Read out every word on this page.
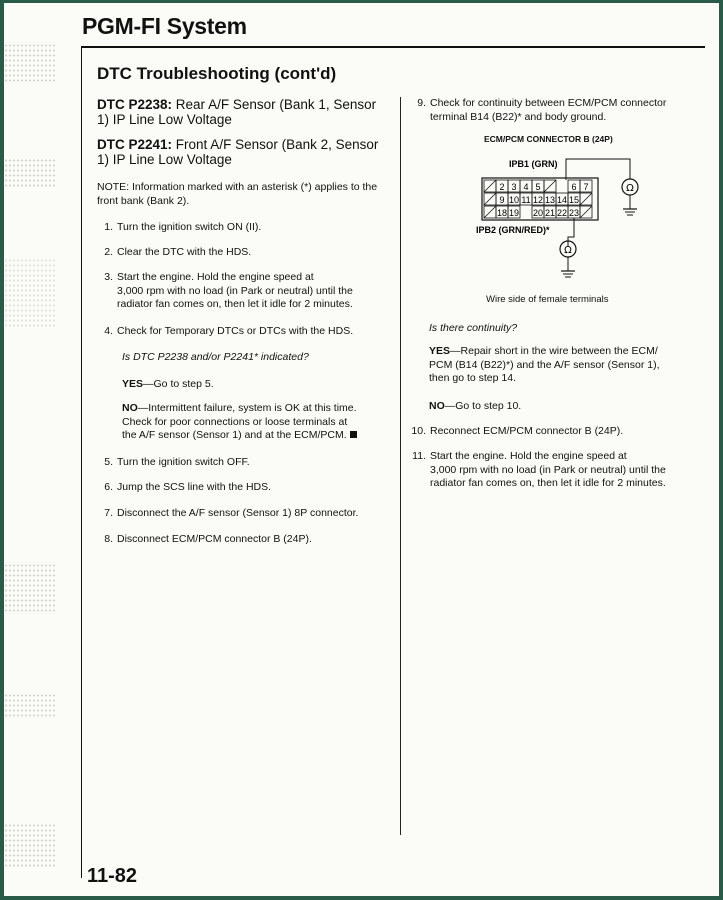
PGM-FI System
DTC Troubleshooting (cont'd)

DTC P2238: Rear A/F Sensor (Bank 1, Sensor 1) IP Line Low Voltage

DTC P2241: Front A/F Sensor (Bank 2, Sensor 1) IP Line Low Voltage

NOTE: Information marked with an asterisk (*) applies to the front bank (Bank 2).

1. Turn the ignition switch ON (II).
2. Clear the DTC with the HDS.
3. Start the engine. Hold the engine speed at
3,000 rpm with no load (in Park or neutral) until the
radiator fan comes on, then let it idle for 2 minutes.
4. Check for Temporary DTCs or DTCs with the HDS.
Is DTC P2238 and/or P2241* indicated?
YES—Go to step 5.
NO—Intermittent failure, system is OK at this time.
Check for poor connections or loose terminals at
the A/F sensor (Sensor 1) and at the ECM/PCM.
5. Turn the ignition switch OFF.
6. Jump the SCS line with the HDS.
7. Disconnect the A/F sensor (Sensor 1) 8P connector.
8. Disconnect ECM/PCM connector B (24P).
9. Check for continuity between ECM/PCM connector
terminal B14 (B22)* and body ground.
ECM/PCM CONNECTOR B (24P)
IPB1 (GRN)
Ω
2 3 4 5	6 7
9 10 11 12 13 14 15
18 19 20 21 22 23
IPB2 (GRN/RED)*
Ω
Wire side of female terminals
Is there continuity?
YES—Repair short in the wire between the ECM/
PCM (B14 (B22)*) and the A/F sensor (Sensor 1),
then go to step 14.
NO—Go to step 10.
10. Reconnect ECM/PCM connector B (24P).
11. Start the engine. Hold the engine speed at
3,000 rpm with no load (in Park or neutral) until the
radiator fan comes on, then let it idle for 2 minutes.

11-82
